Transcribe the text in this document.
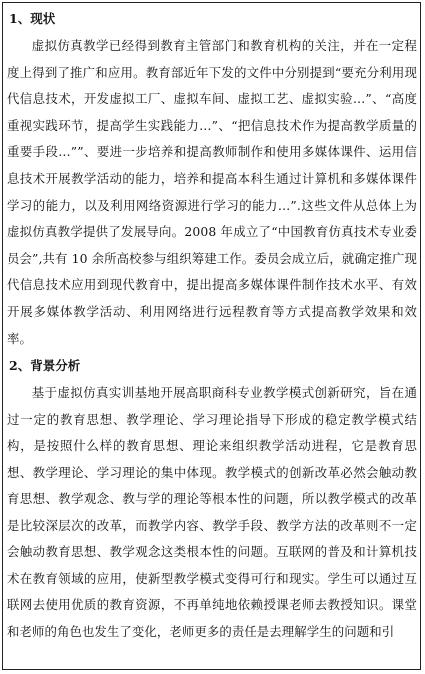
1、现状

虚拟仿真教学已经得到教育主管部门和教育机构的关注，并在一定程度上得到了推广和应用。教育部近年下发的文件中分别提到“要充分利用现代信息技术，开发虚拟工厂、虚拟车间、虚拟工艺、虚拟实验…”、“高度重视实践环节，提高学生实践能力…”、“把信息技术作为提高教学质量的重要手段…””、要进一步培养和提高教师制作和使用多媒体课件、运用信息技术开展教学活动的能力，培养和提高本科生通过计算机和多媒体课件学习的能力，以及利用网络资源进行学习的能力…”.这些文件从总体上为虚拟仿真教学提供了发展导向。2008 年成立了“中国教育仿真技术专业委员会”,共有 10 余所高校参与组织筹建工作。委员会成立后，就确定推广现代信息技术应用到现代教育中，提出提高多媒体课件制作技术水平、有效开展多媒体教学活动、利用网络进行远程教育等方式提高教学效果和效率。

2、背景分析

基于虚拟仿真实训基地开展高职商科专业教学模式创新研究，旨在通过一定的教育思想、教学理论、学习理论指导下形成的稳定教学模式结构，是按照什么样的教育思想、理论来组织教学活动进程，它是教育思想、教学理论、学习理论的集中体现。教学模式的创新改革必然会触动教育思想、教学观念、教与学的理论等根本性的问题，所以教学模式的改革是比较深层次的改革，而教学内容、教学手段、教学方法的改革则不一定会触动教育思想、教学观念这类根本性的问题。互联网的普及和计算机技术在教育领域的应用，使新型教学模式变得可行和现实。学生可以通过互联网去使用优质的教育资源，不再单纯地依赖授课老师去教授知识。课堂和老师的角色也发生了变化，老师更多的责任是去理解学生的问题和引
